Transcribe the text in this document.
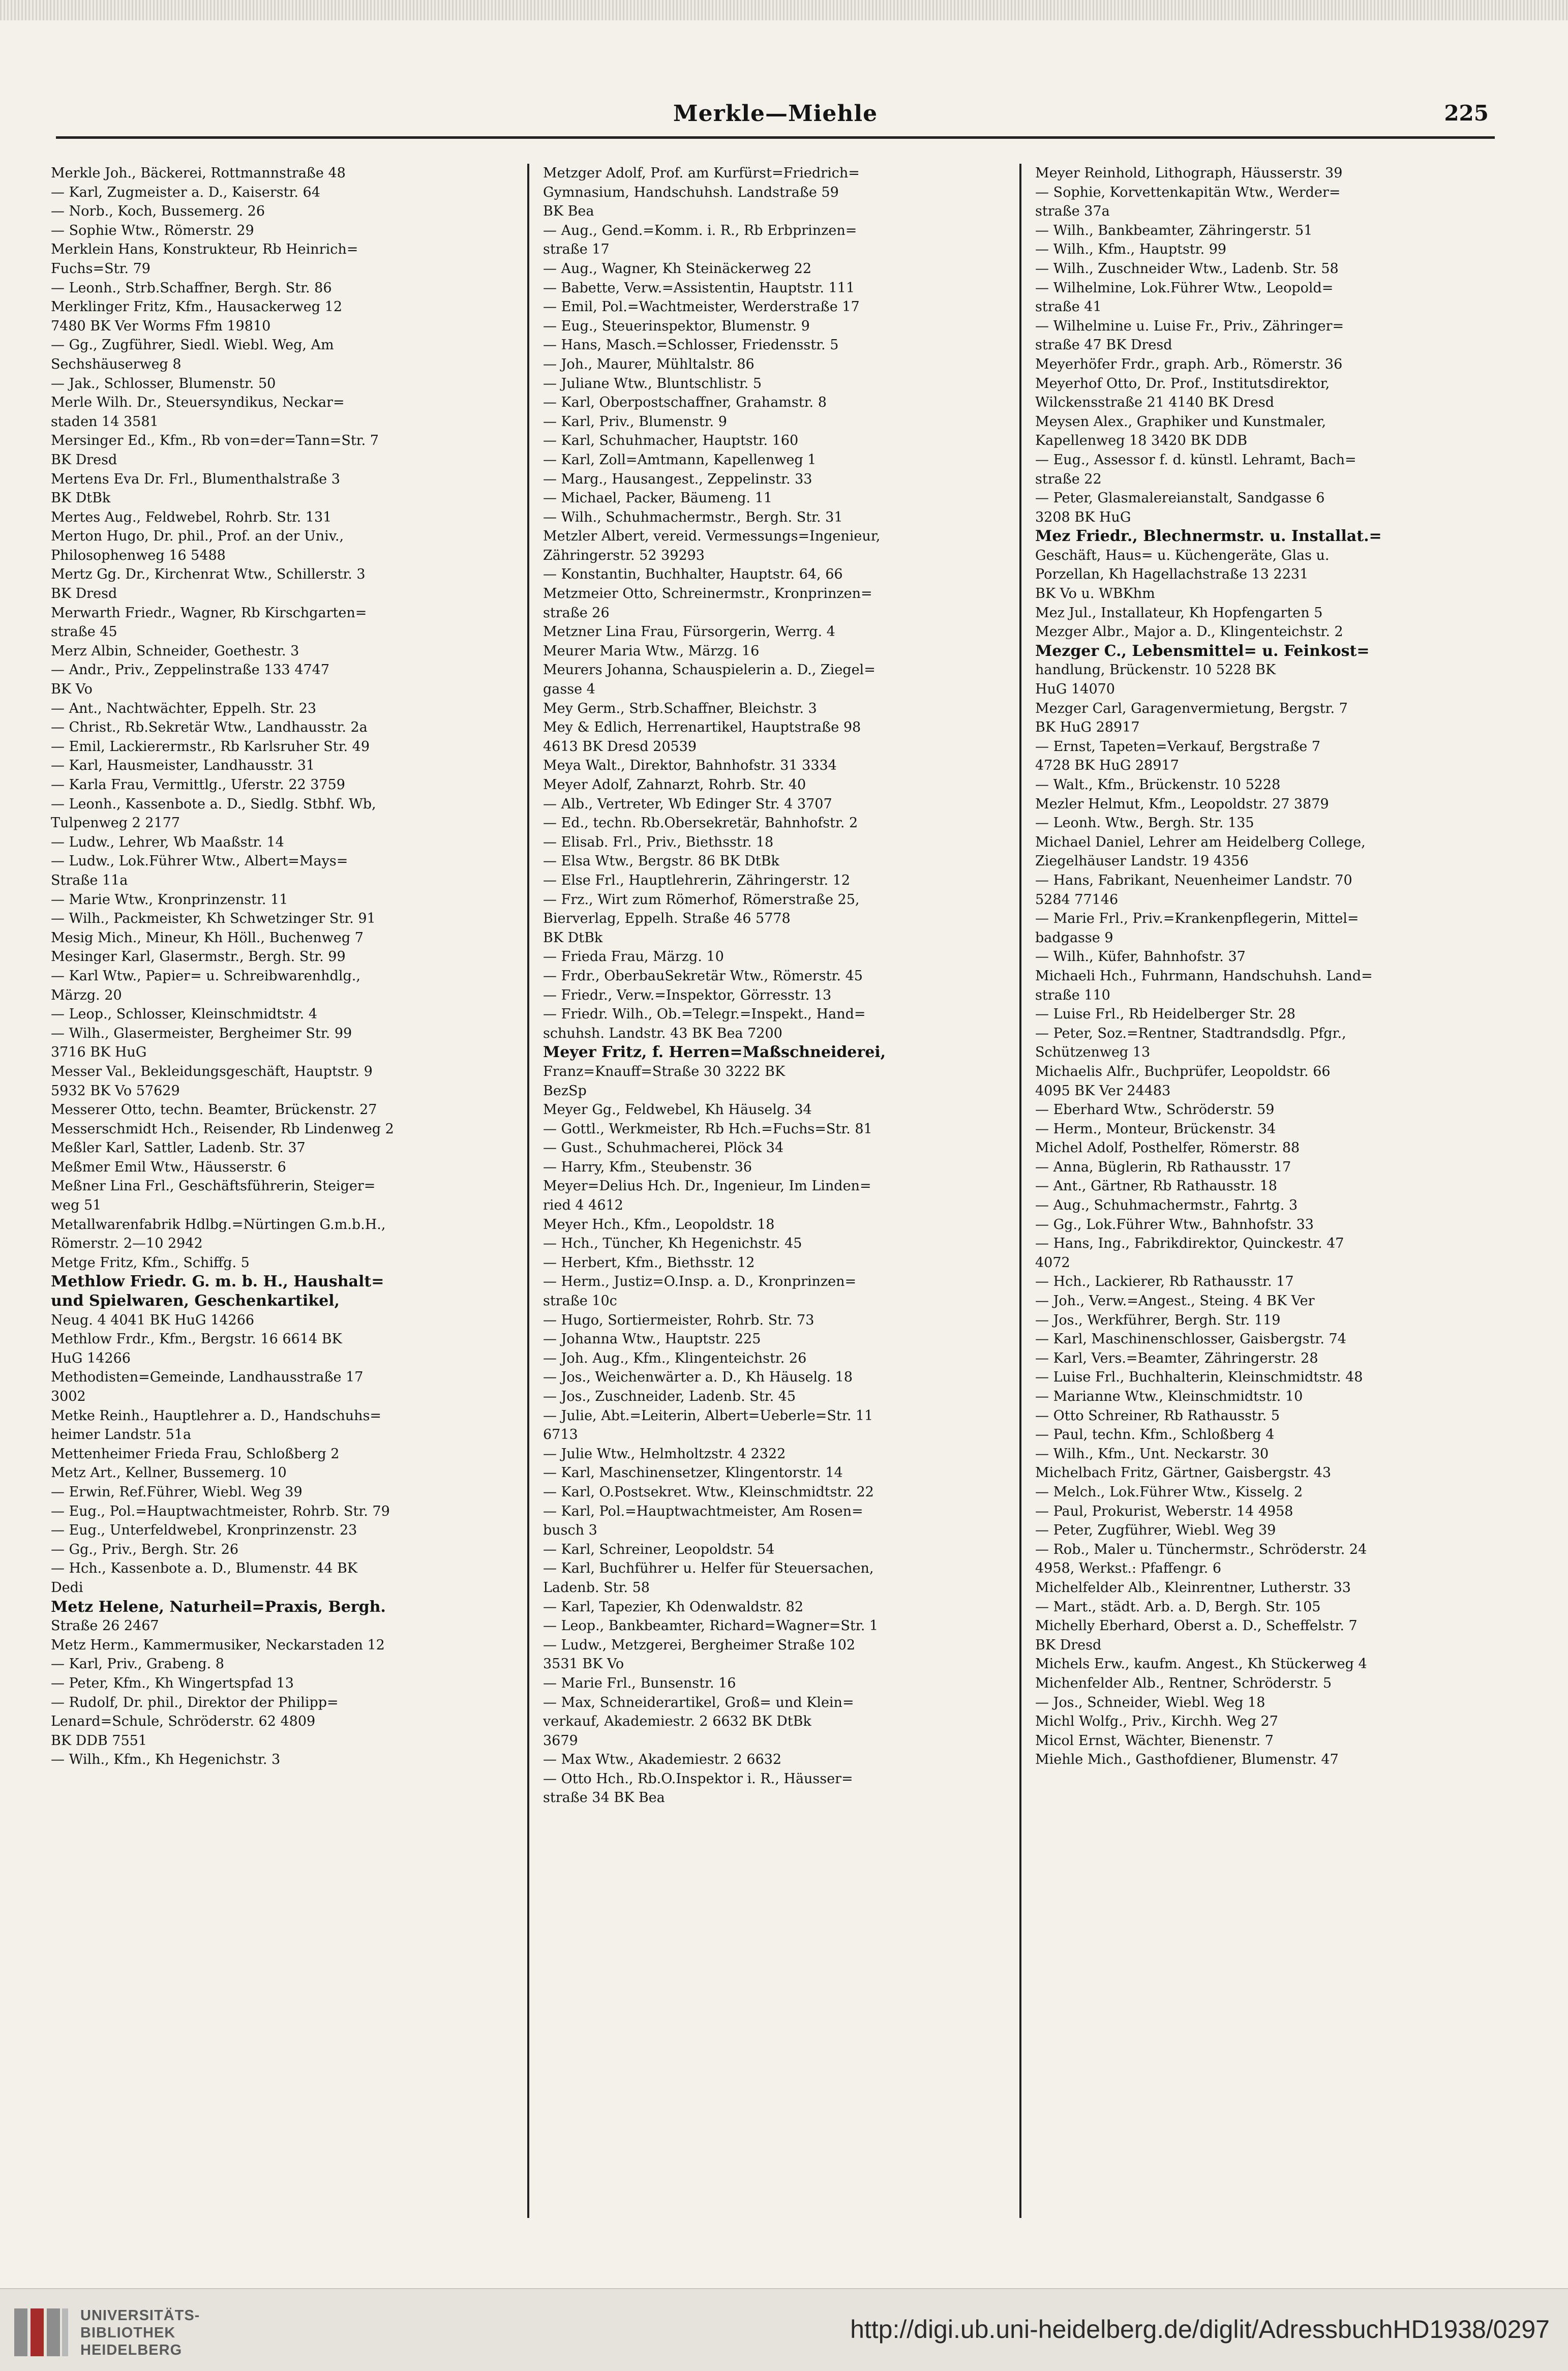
Merkle—Miehle	225
Merkle Joh., Bäckerei, Rottmannstraße 48
— Karl, Zugmeister a. D., Kaiserstr. 64
— Norb., Koch, Bussemerg. 26
— Sophie Wtw., Römerstr. 29
Merklein Hans, Konstrukteur, Rb Heinrich=
Fuchs=Str. 79
— Leonh., Strb.Schaffner, Bergh. Str. 86
Merklinger Fritz, Kfm., Hausackerweg 12
7480 BK Ver Worms Ffm 19810
— Gg., Zugführer, Siedl. Wiebl. Weg, Am
Sechshäuserweg 8
— Jak., Schlosser, Blumenstr. 50
Merle Wilh. Dr., Steuersyndikus, Neckar=
staden 14 3581
Mersinger Ed., Kfm., Rb von=der=Tann=Str. 7
BK Dresd
Mertens Eva Dr. Frl., Blumenthalstraße 3
BK DtBk
Mertes Aug., Feldwebel, Rohrb. Str. 131
Merton Hugo, Dr. phil., Prof. an der Univ.,
Philosophenweg 16 5488
Mertz Gg. Dr., Kirchenrat Wtw., Schillerstr. 3
BK Dresd
Merwarth Friedr., Wagner, Rb Kirschgarten=
straße 45
Merz Albin, Schneider, Goethestr. 3
— Andr., Priv., Zeppelinstraße 133 4747
BK Vo
— Ant., Nachtwächter, Eppelh. Str. 23
— Christ., Rb.Sekretär Wtw., Landhausstr. 2a
— Emil, Lackierermstr., Rb Karlsruher Str. 49
— Karl, Hausmeister, Landhausstr. 31
— Karla Frau, Vermittlg., Uferstr. 22 3759
— Leonh., Kassenbote a. D., Siedlg. Stbhf. Wb,
Tulpenweg 2 2177
— Ludw., Lehrer, Wb Maaßstr. 14
— Ludw., Lok.Führer Wtw., Albert=Mays=
Straße 11a
— Marie Wtw., Kronprinzenstr. 11
— Wilh., Packmeister, Kh Schwetzinger Str. 91
Mesig Mich., Mineur, Kh Höll., Buchenweg 7
Mesinger Karl, Glasermstr., Bergh. Str. 99
— Karl Wtw., Papier= u. Schreibwarenhdlg.,
Märzg. 20
— Leop., Schlosser, Kleinschmidtstr. 4
— Wilh., Glasermeister, Bergheimer Str. 99
3716 BK HuG
Messer Val., Bekleidungsgeschäft, Hauptstr. 9
5932 BK Vo 57629
Messerer Otto, techn. Beamter, Brückenstr. 27
Messerschmidt Hch., Reisender, Rb Lindenweg 2
Meßler Karl, Sattler, Ladenb. Str. 37
Meßmer Emil Wtw., Häusserstr. 6
Meßner Lina Frl., Geschäftsführerin, Steiger=
weg 51
Metallwarenfabrik Hdlbg.=Nürtingen G.m.b.H.,
Römerstr. 2—10 2942
Metge Fritz, Kfm., Schiffg. 5
Methlow Friedr. G. m. b. H., Haushalt=
und Spielwaren, Geschenkartikel,
Neug. 4 4041 BK HuG 14266
Methlow Frdr., Kfm., Bergstr. 16 6614 BK
HuG 14266
Methodisten=Gemeinde, Landhausstraße 17
3002
Metke Reinh., Hauptlehrer a. D., Handschuhs=
heimer Landstr. 51a
Mettenheimer Frieda Frau, Schloßberg 2
Metz Art., Kellner, Bussemerg. 10
— Erwin, Ref.Führer, Wiebl. Weg 39
— Eug., Pol.=Hauptwachtmeister, Rohrb. Str. 79
— Eug., Unterfeldwebel, Kronprinzenstr. 23
— Gg., Priv., Bergh. Str. 26
— Hch., Kassenbote a. D., Blumenstr. 44 BK
Dedi
Metz Helene, Naturheil=Praxis, Bergh.
Straße 26 2467
Metz Herm., Kammermusiker, Neckarstaden 12
— Karl, Priv., Grabeng. 8
— Peter, Kfm., Kh Wingertspfad 13
— Rudolf, Dr. phil., Direktor der Philipp=
Lenard=Schule, Schröderstr. 62 4809
BK DDB 7551
— Wilh., Kfm., Kh Hegenichstr. 3
Metzger Adolf, Prof. am Kurfürst=Friedrich=
Gymnasium, Handschuhsh. Landstraße 59
BK Bea
— Aug., Gend.=Komm. i. R., Rb Erbprinzen=
straße 17
— Aug., Wagner, Kh Steinäckerweg 22
— Babette, Verw.=Assistentin, Hauptstr. 111
— Emil, Pol.=Wachtmeister, Werderstraße 17
— Eug., Steuerinspektor, Blumenstr. 9
— Hans, Masch.=Schlosser, Friedensstr. 5
— Joh., Maurer, Mühltalstr. 86
— Juliane Wtw., Bluntschlistr. 5
— Karl, Oberpostschaffner, Grahamstr. 8
— Karl, Priv., Blumenstr. 9
— Karl, Schuhmacher, Hauptstr. 160
— Karl, Zoll=Amtmann, Kapellenweg 1
— Marg., Hausangest., Zeppelinstr. 33
— Michael, Packer, Bäumeng. 11
— Wilh., Schuhmachermstr., Bergh. Str. 31
Metzler Albert, vereid. Vermessungs=Ingenieur,
Zähringerstr. 52 39293
— Konstantin, Buchhalter, Hauptstr. 64, 66
Metzmeier Otto, Schreinermstr., Kronprinzen=
straße 26
Metzner Lina Frau, Fürsorgerin, Werrg. 4
Meurer Maria Wtw., Märzg. 16
Meurers Johanna, Schauspielerin a. D., Ziegel=
gasse 4
Mey Germ., Strb.Schaffner, Bleichstr. 3
Mey & Edlich, Herrenartikel, Hauptstraße 98
4613 BK Dresd 20539
Meya Walt., Direktor, Bahnhofstr. 31 3334
Meyer Adolf, Zahnarzt, Rohrb. Str. 40
— Alb., Vertreter, Wb Edinger Str. 4 3707
— Ed., techn. Rb.Obersekretär, Bahnhofstr. 2
— Elisab. Frl., Priv., Biethsstr. 18
— Elsa Wtw., Bergstr. 86 BK DtBk
— Else Frl., Hauptlehrerin, Zähringerstr. 12
— Frz., Wirt zum Römerhof, Römerstraße 25,
Bierverlag, Eppelh. Straße 46 5778
BK DtBk
— Frieda Frau, Märzg. 10
— Frdr., OberbauSekretär Wtw., Römerstr. 45
— Friedr., Verw.=Inspektor, Görresstr. 13
— Friedr. Wilh., Ob.=Telegr.=Inspekt., Hand=
schuhsh. Landstr. 43 BK Bea 7200
Meyer Fritz, f. Herren=Maßschneiderei,
Franz=Knauff=Straße 30 3222 BK
BezSp
Meyer Gg., Feldwebel, Kh Häuselg. 34
— Gottl., Werkmeister, Rb Hch.=Fuchs=Str. 81
— Gust., Schuhmacherei, Plöck 34
— Harry, Kfm., Steubenstr. 36
Meyer=Delius Hch. Dr., Ingenieur, Im Linden=
ried 4 4612
Meyer Hch., Kfm., Leopoldstr. 18
— Hch., Tüncher, Kh Hegenichstr. 45
— Herbert, Kfm., Biethsstr. 12
— Herm., Justiz=O.Insp. a. D., Kronprinzen=
straße 10c
— Hugo, Sortiermeister, Rohrb. Str. 73
— Johanna Wtw., Hauptstr. 225
— Joh. Aug., Kfm., Klingenteichstr. 26
— Jos., Weichenwärter a. D., Kh Häuselg. 18
— Jos., Zuschneider, Ladenb. Str. 45
— Julie, Abt.=Leiterin, Albert=Ueberle=Str. 11
6713
— Julie Wtw., Helmholtzstr. 4 2322
— Karl, Maschinensetzer, Klingentorstr. 14
— Karl, O.Postsekret. Wtw., Kleinschmidtstr. 22
— Karl, Pol.=Hauptwachtmeister, Am Rosen=
busch 3
— Karl, Schreiner, Leopoldstr. 54
— Karl, Buchführer u. Helfer für Steuersachen,
Ladenb. Str. 58
— Karl, Tapezier, Kh Odenwaldstr. 82
— Leop., Bankbeamter, Richard=Wagner=Str. 1
— Ludw., Metzgerei, Bergheimer Straße 102
3531 BK Vo
— Marie Frl., Bunsenstr. 16
— Max, Schneiderartikel, Groß= und Klein=
verkauf, Akademiestr. 2 6632 BK DtBk
3679
— Max Wtw., Akademiestr. 2 6632
— Otto Hch., Rb.O.Inspektor i. R., Häusser=
straße 34 BK Bea
Meyer Reinhold, Lithograph, Häusserstr. 39
— Sophie, Korvettenkapitän Wtw., Werder=
straße 37a
— Wilh., Bankbeamter, Zähringerstr. 51
— Wilh., Kfm., Hauptstr. 99
— Wilh., Zuschneider Wtw., Ladenb. Str. 58
— Wilhelmine, Lok.Führer Wtw., Leopold=
straße 41
— Wilhelmine u. Luise Fr., Priv., Zähringer=
straße 47 BK Dresd
Meyerhöfer Frdr., graph. Arb., Römerstr. 36
Meyerhof Otto, Dr. Prof., Institutsdirektor,
Wilckensstraße 21 4140 BK Dresd
Meysen Alex., Graphiker und Kunstmaler,
Kapellenweg 18 3420 BK DDB
— Eug., Assessor f. d. künstl. Lehramt, Bach=
straße 22
— Peter, Glasmalereianstalt, Sandgasse 6
3208 BK HuG
Mez Friedr., Blechnermstr. u. Installat.=
Geschäft, Haus= u. Küchengeräte, Glas u.
Porzellan, Kh Hagellachstraße 13 2231
BK Vo u. WBKhm
Mez Jul., Installateur, Kh Hopfengarten 5
Mezger Albr., Major a. D., Klingenteichstr. 2
Mezger C., Lebensmittel= u. Feinkost=
handlung, Brückenstr. 10 5228 BK
HuG 14070
Mezger Carl, Garagenvermietung, Bergstr. 7
BK HuG 28917
— Ernst, Tapeten=Verkauf, Bergstraße 7
4728 BK HuG 28917
— Walt., Kfm., Brückenstr. 10 5228
Mezler Helmut, Kfm., Leopoldstr. 27 3879
— Leonh. Wtw., Bergh. Str. 135
Michael Daniel, Lehrer am Heidelberg College,
Ziegelhäuser Landstr. 19 4356
— Hans, Fabrikant, Neuenheimer Landstr. 70
5284 77146
— Marie Frl., Priv.=Krankenpflegerin, Mittel=
badgasse 9
— Wilh., Küfer, Bahnhofstr. 37
Michaeli Hch., Fuhrmann, Handschuhsh. Land=
straße 110
— Luise Frl., Rb Heidelberger Str. 28
— Peter, Soz.=Rentner, Stadtrandsdlg. Pfgr.,
Schützenweg 13
Michaelis Alfr., Buchprüfer, Leopoldstr. 66
4095 BK Ver 24483
— Eberhard Wtw., Schröderstr. 59
— Herm., Monteur, Brückenstr. 34
Michel Adolf, Posthelfer, Römerstr. 88
— Anna, Büglerin, Rb Rathausstr. 17
— Ant., Gärtner, Rb Rathausstr. 18
— Aug., Schuhmachermstr., Fahrtg. 3
— Gg., Lok.Führer Wtw., Bahnhofstr. 33
— Hans, Ing., Fabrikdirektor, Quinckestr. 47
4072
— Hch., Lackierer, Rb Rathausstr. 17
— Joh., Verw.=Angest., Steing. 4 BK Ver
— Jos., Werkführer, Bergh. Str. 119
— Karl, Maschinenschlosser, Gaisbergstr. 74
— Karl, Vers.=Beamter, Zähringerstr. 28
— Luise Frl., Buchhalterin, Kleinschmidtstr. 48
— Marianne Wtw., Kleinschmidtstr. 10
— Otto Schreiner, Rb Rathausstr. 5
— Paul, techn. Kfm., Schloßberg 4
— Wilh., Kfm., Unt. Neckarstr. 30
Michelbach Fritz, Gärtner, Gaisbergstr. 43
— Melch., Lok.Führer Wtw., Kisselg. 2
— Paul, Prokurist, Weberstr. 14 4958
— Peter, Zugführer, Wiebl. Weg 39
— Rob., Maler u. Tünchermstr., Schröderstr. 24
4958, Werkst.: Pfaffengr. 6
Michelfelder Alb., Kleinrentner, Lutherstr. 33
— Mart., städt. Arb. a. D, Bergh. Str. 105
Michelly Eberhard, Oberst a. D., Scheffelstr. 7
BK Dresd
Michels Erw., kaufm. Angest., Kh Stückerweg 4
Michenfelder Alb., Rentner, Schröderstr. 5
— Jos., Schneider, Wiebl. Weg 18
Michl Wolfg., Priv., Kirchh. Weg 27
Micol Ernst, Wächter, Bienenstr. 7
Miehle Mich., Gasthofdiener, Blumenstr. 47
UNIVERSITÄTS-
BIBLIOTHEK
HEIDELBERG
http://digi.ub.uni-heidelberg.de/diglit/AdressbuchHD1938/0297
